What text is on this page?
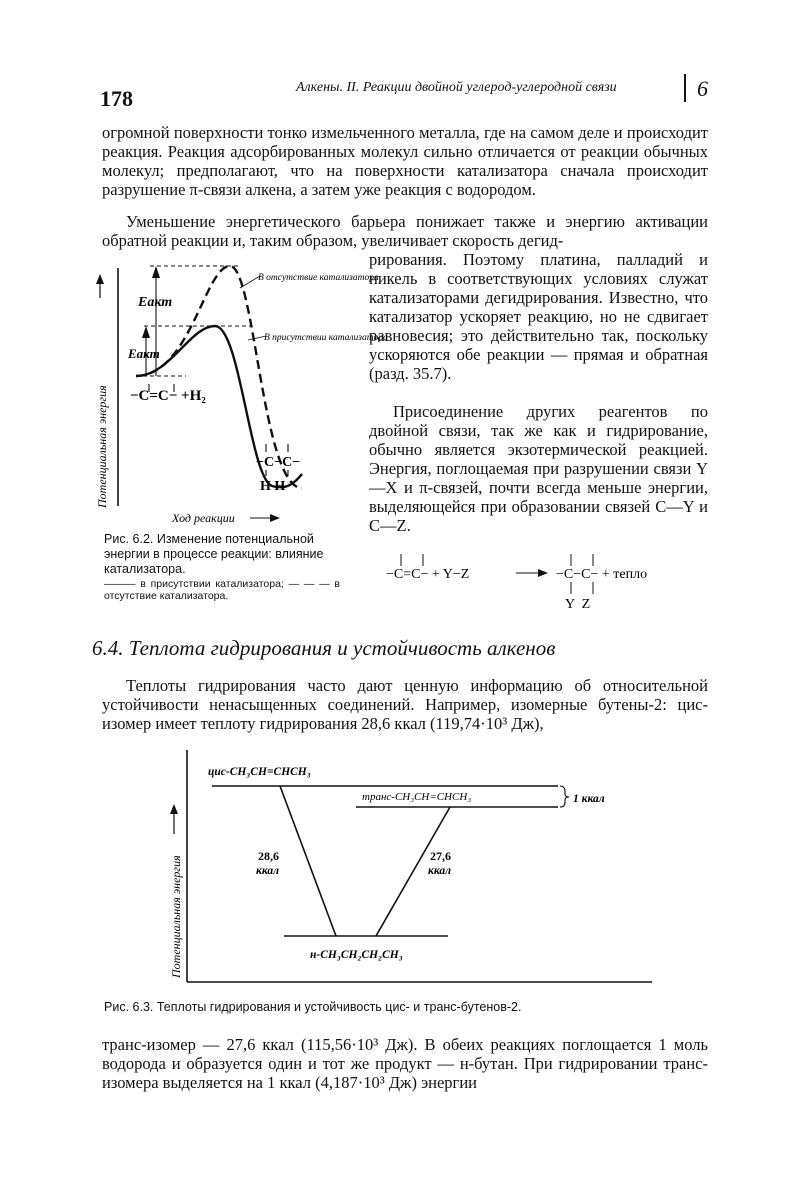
178	Алкены. II. Реакции двойной углерод-углеродной связи	6
огромной поверхности тонко измельченного металла, где на самом деле и происходит реакция. Реакция адсорбированных молекул сильно отличается от реакции обычных молекул; предполагают, что на поверхности катализатора сначала происходит разрушение π-связи алкена, а затем уже реакция с водородом.
Уменьшение энергетического барьера понижает также и энергию активации обратной реакции и, таким образом, увеличивает скорость дегид-
рирования. Поэтому платина, палладий и никель в соответствующих условиях служат катализаторами дегидрирования. Известно, что катализатор ускоряет реакцию, но не сдвигает равновесия; это действительно так, поскольку ускоряются обе реакции — прямая и обратная (разд. 35.7).
Присоединение других реагентов по двойной связи, так же как и гидрирование, обычно является экзотермической реакцией. Энергия, поглощаемая при разрушении связи Y—X и π-связей, почти всегда меньше энергии, выделяющейся при образовании связей C—Y и C—Z.
Потенциальная энергия
Eакт
Eакт
В отсутствие катализатора
В присутствии катализатора
−C=C− +H₂
−C−C−
H H
Ход реакции
Рис. 6.2. Изменение потенциальной энергии в процессе реакции: влияние катализатора.
——— в присутствии катализатора; — — — в отсутствие катализатора.
−C=C− + Y−Z	−C−C− + тепло
Y  Z
6.4. Теплота гидрирования и устойчивость алкенов
Теплоты гидрирования часто дают ценную информацию об относительной устойчивости ненасыщенных соединений. Например, изомерные бутены-2: цис-изомер имеет теплоту гидрирования 28,6 ккал (119,74·10³ Дж),
Потенциальная энергия
цис-CH₃CH=CHCH₃
транс-CH₃CH=CHCH₃	1 ккал
28,6
ккал
27,6
ккал
н-CH₃CH₂CH₂CH₃
Рис. 6.3. Теплоты гидрирования и устойчивость цис- и транс-бутенов-2.
транс-изомер — 27,6 ккал (115,56·10³ Дж). В обеих реакциях поглощается 1 моль водорода и образуется один и тот же продукт — н-бутан. При гидрировании транс-изомера выделяется на 1 ккал (4,187·10³ Дж) энергии
